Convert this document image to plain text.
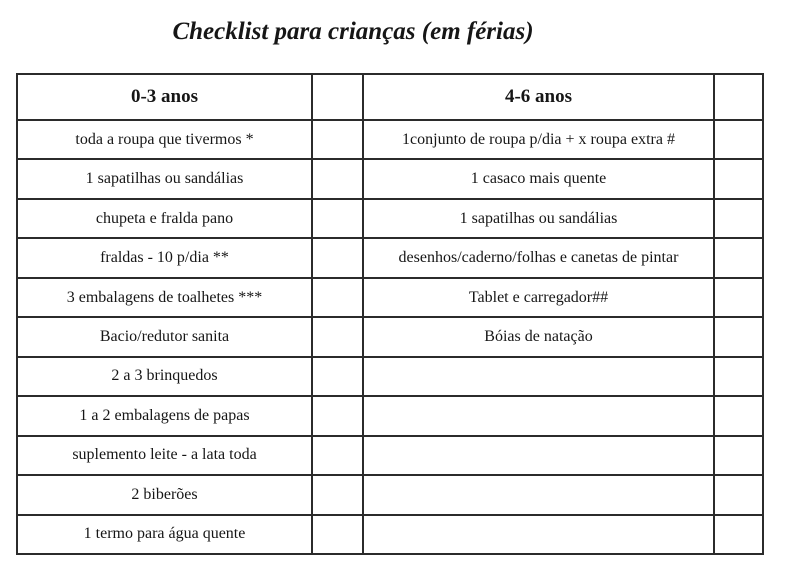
Checklist para crianças (em férias)
0-3 anos		4-6 anos	
toda a roupa que tivermos *		1conjunto de roupa p/dia + x roupa extra #	
1 sapatilhas ou sandálias		1 casaco mais quente	
chupeta e fralda pano		1 sapatilhas ou sandálias	
fraldas - 10 p/dia **		desenhos/caderno/folhas e canetas de pintar	
3 embalagens de toalhetes ***		Tablet e carregador##	
Bacio/redutor sanita		Bóias de natação	
2 a 3 brinquedos			
1 a 2 embalagens de papas			
suplemento leite - a lata toda			
2 biberões			
1 termo para água quente			
